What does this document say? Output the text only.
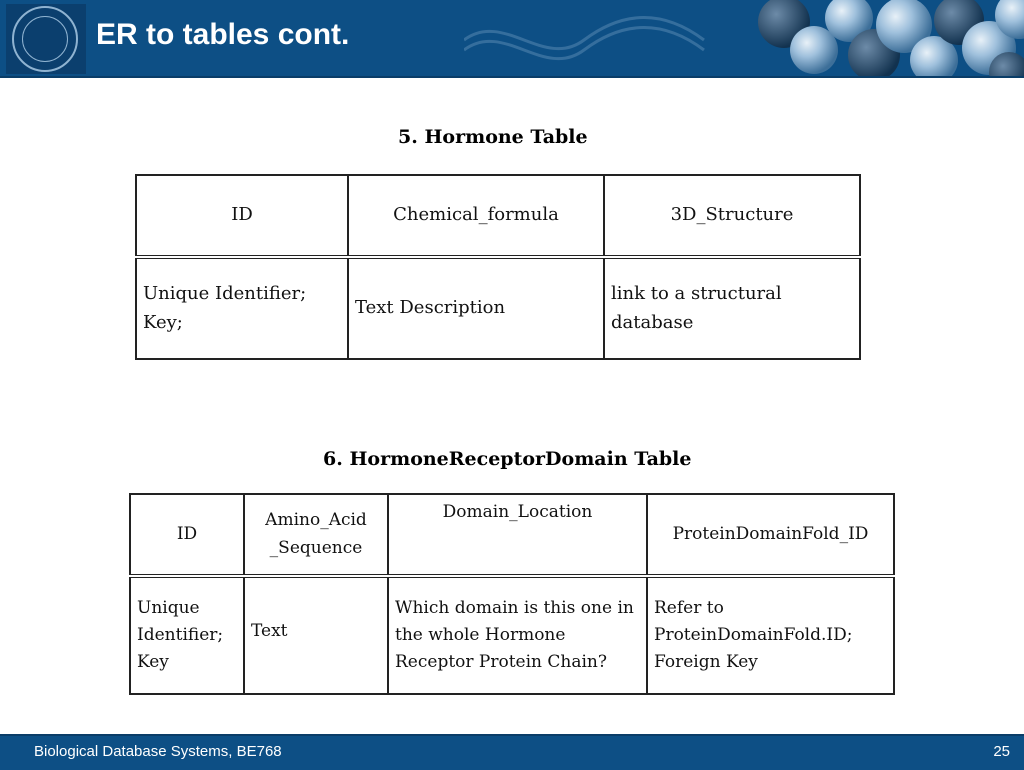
ER to tables cont.
5. Hormone Table
ID	Chemical_formula	3D_Structure
Unique Identifier; Key;	Text Description	link to a structural database
6. HormoneReceptorDomain Table
ID	Amino_Acid _Sequence	Domain_Location	ProteinDomainFold_ID
Unique Identifier; Key	Text	Which domain is this one in the whole Hormone Receptor Protein Chain?	Refer to ProteinDomainFold.ID; Foreign Key
Biological Database Systems, BE768	25
